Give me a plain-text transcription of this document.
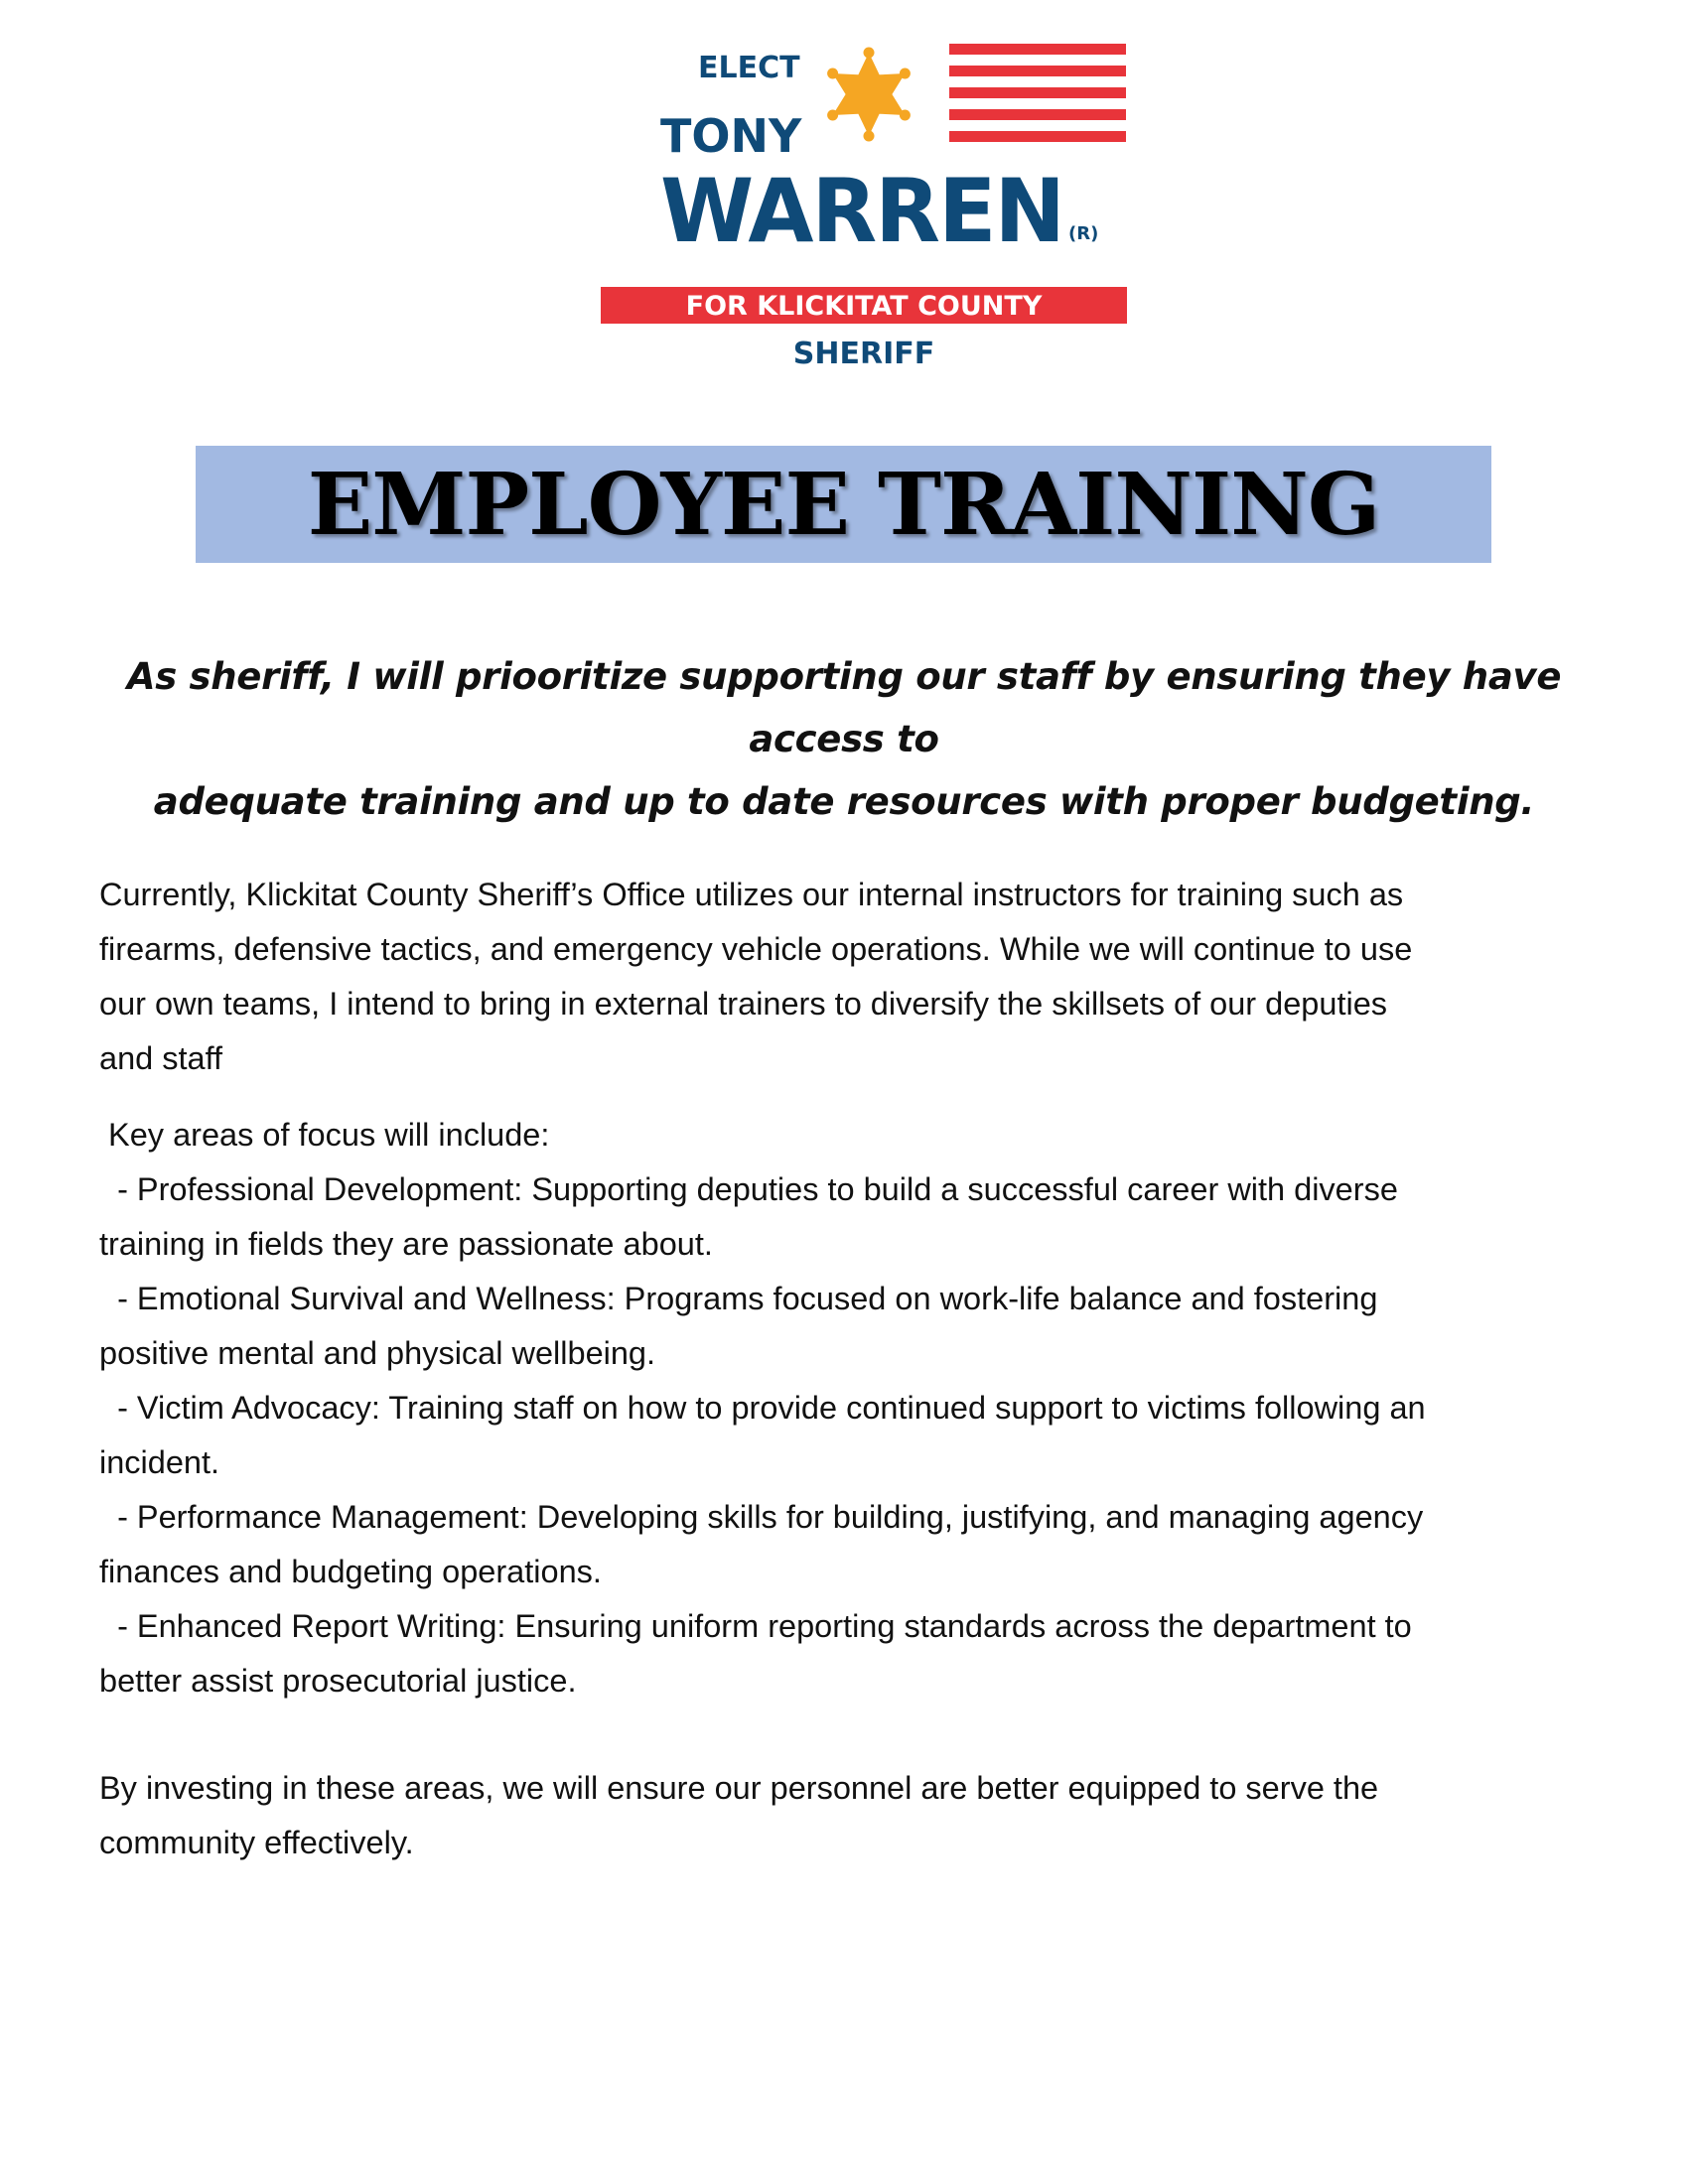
ELECT
TONY
WARREN (R)
FOR KLICKITAT COUNTY
SHERIFF
EMPLOYEE TRAINING
As sheriff, I will priooritize supporting our staff by ensuring they have access to
adequate training and up to date resources with proper budgeting.

Currently, Klickitat County Sheriff’s Office utilizes our internal instructors for training such as

firearms, defensive tactics, and emergency vehicle operations. While we will continue to use

our own teams, I intend to bring in external trainers to diversify the skillsets of our deputies

and staff

Key areas of focus will include:

- Professional Development: Supporting deputies to build a successful career with diverse

training in fields they are passionate about.

- Emotional Survival and Wellness: Programs focused on work-life balance and fostering

positive mental and physical wellbeing.

- Victim Advocacy: Training staff on how to provide continued support to victims following an

incident.

- Performance Management: Developing skills for building, justifying, and managing agency

finances and budgeting operations.

- Enhanced Report Writing: Ensuring uniform reporting standards across the department to

better assist prosecutorial justice.

By investing in these areas, we will ensure our personnel are better equipped to serve the

community effectively.
